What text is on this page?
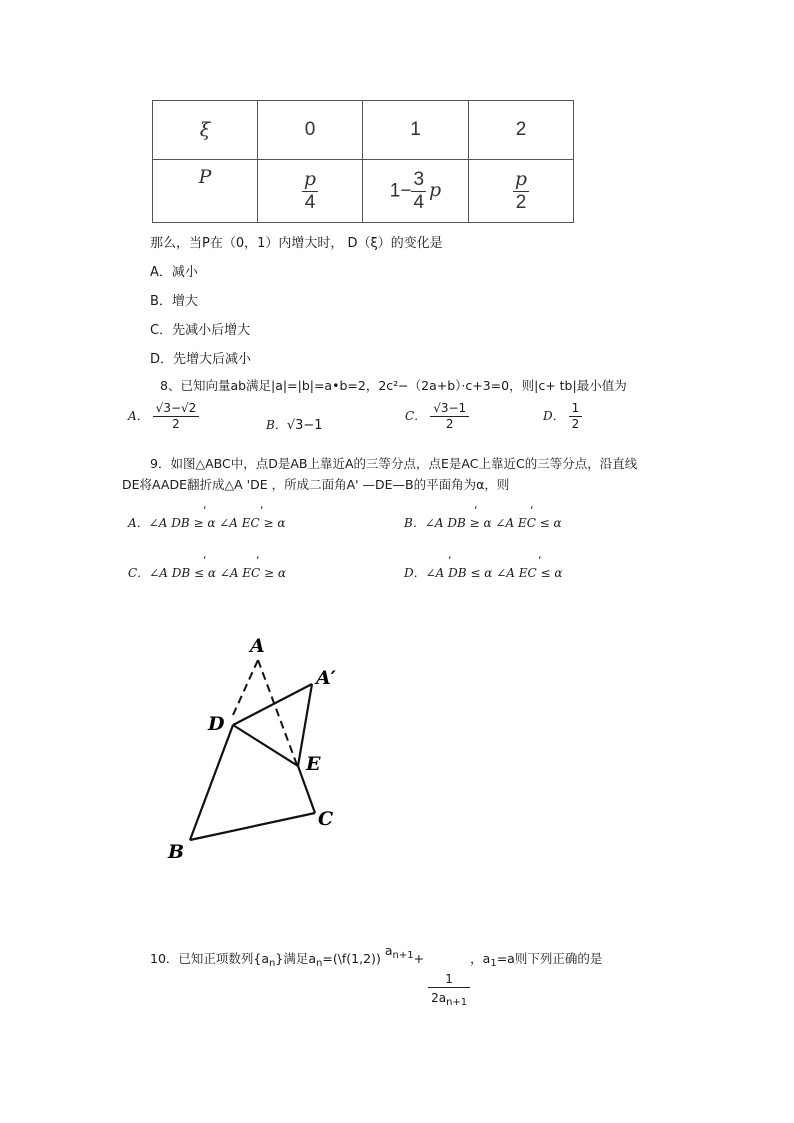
ξ	0	1	2
P	$\frac{p}{4}$	$1- \frac{3}{4}$ p	$\frac{p}{2}$
那么，当P在（0，1）内增大时， D（ξ）的变化是
A．减小
B．增大
C．先减小后增大
D．先增大后减小
8、已知向量ab满足|a|=|b|=a•b=2，2c²−（2a+b）·c+3=0，则|c+ tb|最小值为
A． $\frac{√3-√2}{2}$	B．√3−1
C． $\frac{√3-1}{2}$	D． $\frac{1}{2}$
9．如图△ABC中，点D是AB上靠近A的三等分点，点E是AC上靠近C的三等分点，沿直线
DE将AADE翻折成△A 'DE ，所成二面角A' —DE—B的平面角为α，则
,	,	,	,
A．∠A DB ≥ α ∠A EC ≥ α	B．∠A DB ≥ α ∠A EC ≤ α
,	,	,	,
C．∠A DB ≤ α ∠A EC ≥ α	D．∠A DB ≤ α ∠A EC ≤ α
A
A′
D
E
B
C
10．已知正项数列$\{a_n\}$满足$a_n=(\backslash f(1,2))$ $a_{n+1}+$
$\frac{1}{2a_{n+1}}$
，$a_1=a$则下列正确的是
